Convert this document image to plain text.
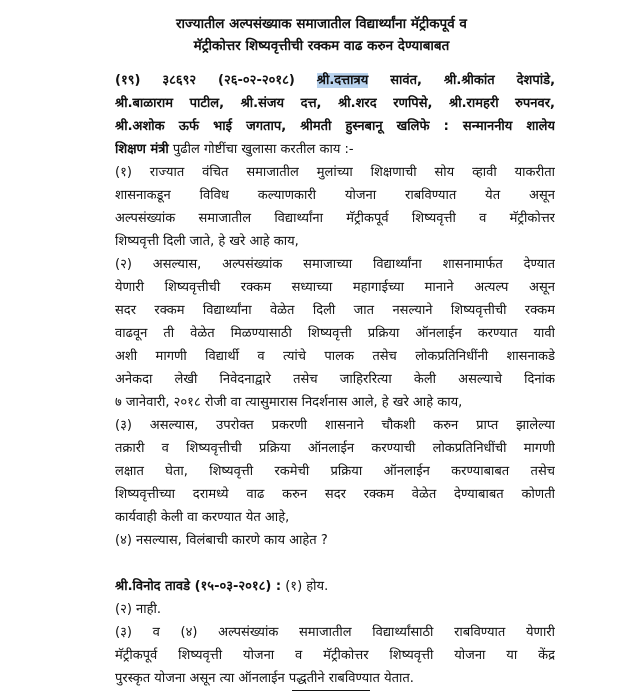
राज्यातील अल्पसंख्याक समाजातील विद्यार्थ्यांना मॅट्रीकपूर्व व
मॅट्रीकोत्तर शिष्यवृत्तीची रक्कम वाढ करुन देण्याबाबत
(१९) ३८६९२ (२६-०२-२०१८) श्री.दत्तात्रय सावंत, श्री.श्रीकांत देशपांडे,
श्री.बाळाराम पाटील, श्री.संजय दत्त, श्री.शरद रणपिसे, श्री.रामहरी रुपनवर,
श्री.अशोक ऊर्फ भाई जगताप, श्रीमती हुस्नबानू खलिफे : सन्माननीय शालेय
शिक्षण मंत्री पुढील गोष्टींचा खुलासा करतील काय :-
(१) राज्यात वंचित समाजातील मुलांच्या शिक्षणाची सोय व्हावी याकरीता
शासनाकडून विविध कल्याणकारी योजना राबविण्यात येत असून
अल्पसंख्यांक समाजातील विद्यार्थ्यांना मॅट्रीकपूर्व शिष्यवृत्ती व मॅट्रीकोत्तर
शिष्यवृत्ती दिली जाते, हे खरे आहे काय,
(२) असल्यास, अल्पसंख्यांक समाजाच्या विद्यार्थ्यांना शासनामार्फत देण्यात
येणारी शिष्यवृत्तीची रक्कम सध्याच्या महागाईच्या मानाने अत्यल्प असून
सदर रक्कम विद्यार्थ्यांना वेळेत दिली जात नसल्याने शिष्यवृत्तीची रक्कम
वाढवून ती वेळेत मिळण्यासाठी शिष्यवृत्ती प्रक्रिया ऑनलाईन करण्यात यावी
अशी मागणी विद्यार्थी व त्यांचे पालक तसेच लोकप्रतिनिधींनी शासनाकडे
अनेकदा लेखी निवेदनाद्वारे तसेच जाहिररित्या केली असल्याचे दिनांक
७ जानेवारी, २०१८ रोजी वा त्यासुमारास निदर्शनास आले, हे खरे आहे काय,
(३) असल्यास, उपरोक्त प्रकरणी शासनाने चौकशी करुन प्राप्त झालेल्या
तक्रारी व शिष्यवृत्तीची प्रक्रिया ऑनलाईन करण्याची लोकप्रतिनिधींची मागणी
लक्षात घेता, शिष्यवृत्ती रकमेची प्रक्रिया ऑनलाईन करण्याबाबत तसेच
शिष्यवृत्तीच्या दरामध्ये वाढ करुन सदर रक्कम वेळेत देण्याबाबत कोणती
कार्यवाही केली वा करण्यात येत आहे,
(४) नसल्यास, विलंबाची कारणे काय आहेत ?
श्री.विनोद तावडे (१५-०३-२०१८) : (१) होय.
(२) नाही.
(३) व (४) अल्पसंख्यांक समाजातील विद्यार्थ्यांसाठी राबविण्यात येणारी
मॅट्रीकपूर्व शिष्यवृत्ती योजना व मॅट्रीकोत्तर शिष्यवृत्ती योजना या केंद्र
पुरस्कृत योजना असून त्या ऑनलाईन पद्धतीने राबविण्यात येतात.
